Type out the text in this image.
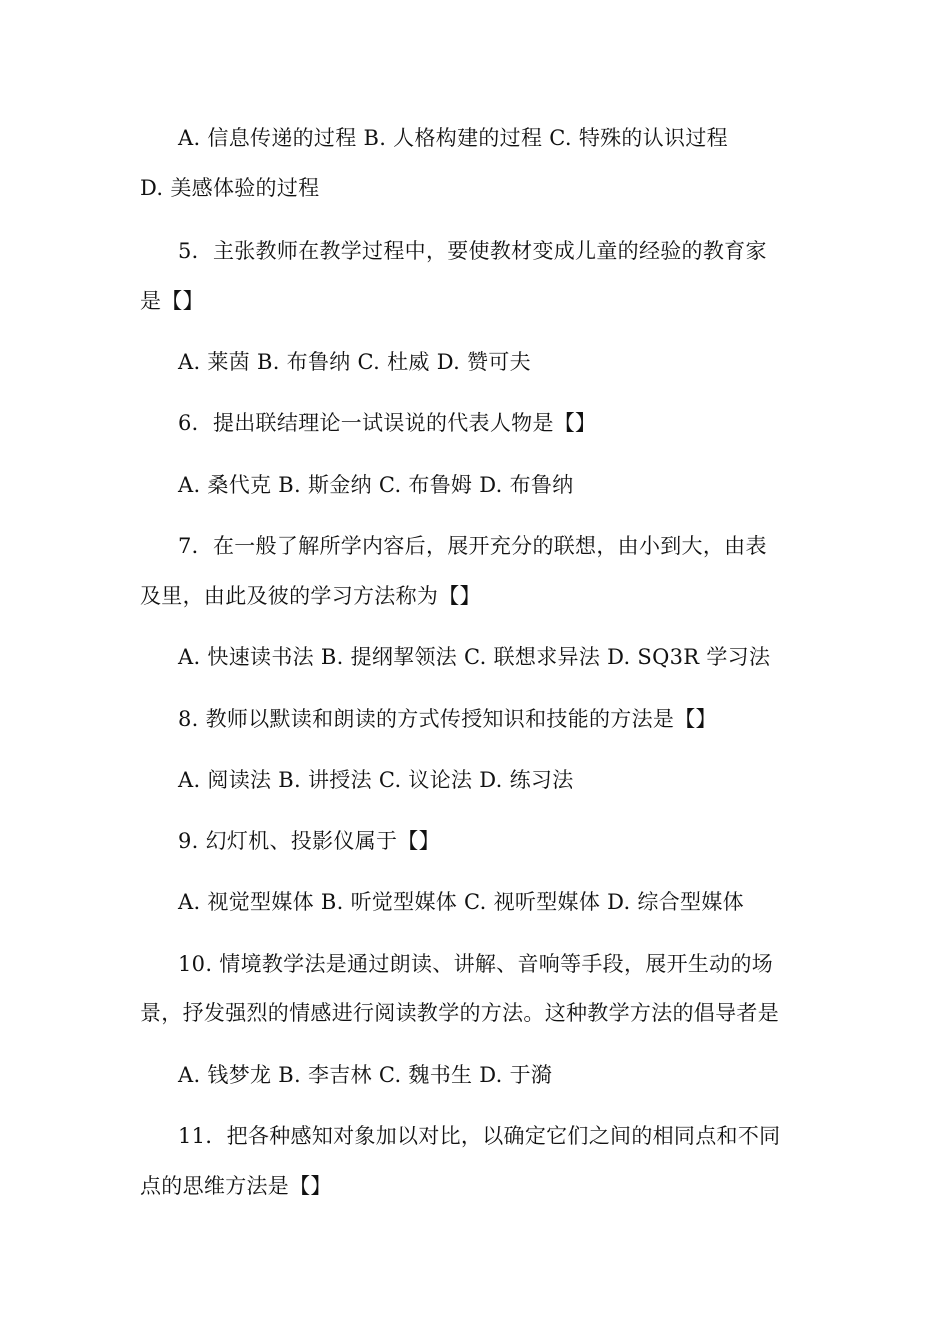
A. 信息传递的过程 B. 人格构建的过程 C. 特殊的认识过程
D. 美感体验的过程
5．主张教师在教学过程中，要使教材变成儿童的经验的教育家
是【】
A. 莱茵 B. 布鲁纳 C. 杜威 D. 赞可夫
6．提出联结理论一试误说的代表人物是【】
A. 桑代克 B. 斯金纳 C. 布鲁姆 D. 布鲁纳
7．在一般了解所学内容后，展开充分的联想，由小到大，由表
及里，由此及彼的学习方法称为【】
A. 快速读书法 B. 提纲挈领法 C. 联想求异法 D. SQ3R 学习法
8. 教师以默读和朗读的方式传授知识和技能的方法是【】
A. 阅读法 B. 讲授法 C. 议论法 D. 练习法
9. 幻灯机、投影仪属于【】
A. 视觉型媒体 B. 听觉型媒体 C. 视听型媒体 D. 综合型媒体
10. 情境教学法是通过朗读、讲解、音响等手段，展开生动的场
景，抒发强烈的情感进行阅读教学的方法。这种教学方法的倡导者是
A. 钱梦龙 B. 李吉林 C. 魏书生 D. 于漪
11．把各种感知对象加以对比，以确定它们之间的相同点和不同
点的思维方法是【】
